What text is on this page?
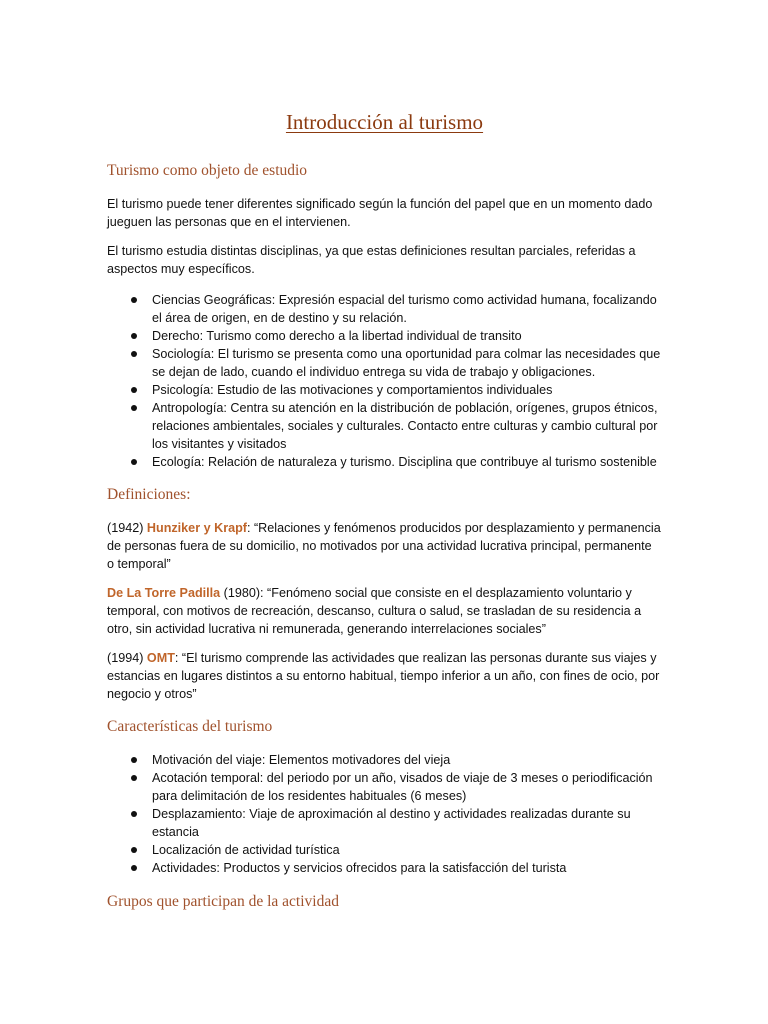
Introducción al turismo
Turismo como objeto de estudio

El turismo puede tener diferentes significado según la función del papel que en un momento dado jueguen las personas que en el intervienen.

El turismo estudia distintas disciplinas, ya que estas definiciones resultan parciales, referidas a aspectos muy específicos.

Ciencias Geográficas: Expresión espacial del turismo como actividad humana, focalizando el área de origen, en de destino y su relación.
Derecho: Turismo como derecho a la libertad individual de transito
Sociología: El turismo se presenta como una oportunidad para colmar las necesidades que se dejan de lado, cuando el individuo entrega su vida de trabajo y obligaciones.
Psicología: Estudio de las motivaciones y comportamientos individuales
Antropología: Centra su atención en la distribución de población, orígenes, grupos étnicos, relaciones ambientales, sociales y culturales. Contacto entre culturas y cambio cultural por los visitantes y visitados
Ecología: Relación de naturaleza y turismo. Disciplina que contribuye al turismo sostenible
Definiciones:

(1942) Hunziker y Krapf: “Relaciones y fenómenos producidos por desplazamiento y permanencia de personas fuera de su domicilio, no motivados por una actividad lucrativa principal, permanente o temporal”

De La Torre Padilla (1980): “Fenómeno social que consiste en el desplazamiento voluntario y temporal, con motivos de recreación, descanso, cultura o salud, se trasladan de su residencia a otro, sin actividad lucrativa ni remunerada, generando interrelaciones sociales”

(1994) OMT: “El turismo comprende las actividades que realizan las personas durante sus viajes y estancias en lugares distintos a su entorno habitual, tiempo inferior a un año, con fines de ocio, por negocio y otros”

Características del turismo
Motivación del viaje: Elementos motivadores del vieja
Acotación temporal: del periodo por un año, visados de viaje de 3 meses o periodificación para delimitación de los residentes habituales (6 meses)
Desplazamiento: Viaje de aproximación al destino y actividades realizadas durante su estancia
Localización de actividad turística
Actividades: Productos y servicios ofrecidos para la satisfacción del turista
Grupos que participan de la actividad
